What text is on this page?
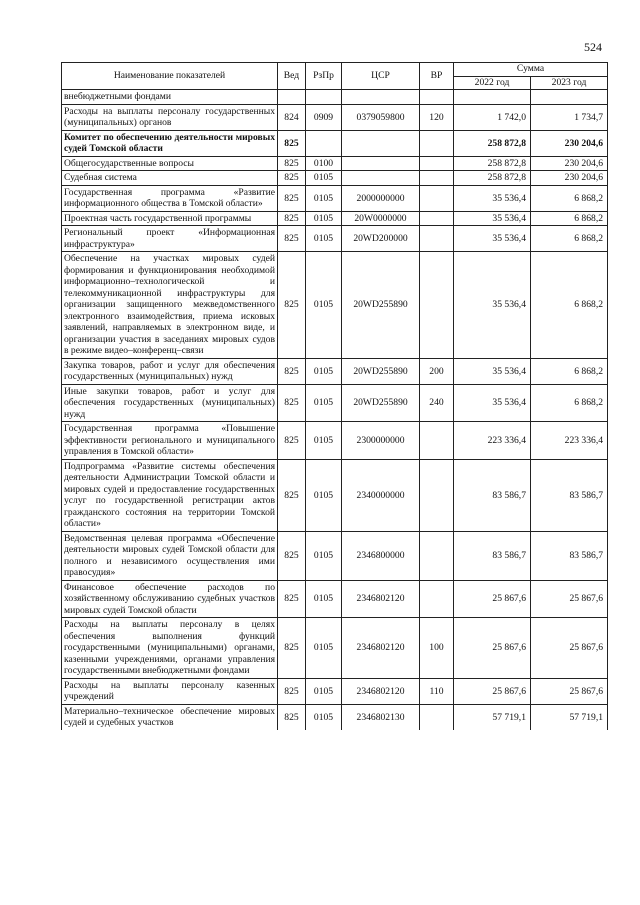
524
Наименование показателей	Вед	РзПр	ЦСР	ВР	Сумма	
					2022 год	2023 год
внебюджетными фондами						
Расходы на выплаты персоналу государственных (муниципальных) органов	824	0909	0379059800	120	1 742,0	1 734,7
Комитет по обеспечению деятельности мировых судей Томской области	825				258 872,8	230 204,6
Общегосударственные вопросы	825	0100			258 872,8	230 204,6
Судебная система	825	0105			258 872,8	230 204,6
Государственная программа «Развитие информационного общества в Томской области»	825	0105	2000000000		35 536,4	6 868,2
Проектная часть государственной программы	825	0105	20W0000000		35 536,4	6 868,2
Региональный проект «Информационная инфраструктура»	825	0105	20WD200000		35 536,4	6 868,2
Обеспечение на участках мировых судей формирования и функционирования необходимой информационно–технологической и телекоммуникационной инфраструктуры для организации защищенного межведомственного электронного взаимодействия, приема исковых заявлений, направляемых в электронном виде, и организации участия в заседаниях мировых судов в режиме видео–конференц–связи	825	0105	20WD255890		35 536,4	6 868,2
Закупка товаров, работ и услуг для обеспечения государственных (муниципальных) нужд	825	0105	20WD255890	200	35 536,4	6 868,2
Иные закупки товаров, работ и услуг для обеспечения государственных (муниципальных) нужд	825	0105	20WD255890	240	35 536,4	6 868,2
Государственная программа «Повышение эффективности регионального и муниципального управления в Томской области»	825	0105	2300000000		223 336,4	223 336,4
Подпрограмма «Развитие системы обеспечения деятельности Администрации Томской области и мировых судей и предоставление государственных услуг по государственной регистрации актов гражданского состояния на территории Томской области»	825	0105	2340000000		83 586,7	83 586,7
Ведомственная целевая программа «Обеспечение деятельности мировых судей Томской области для полного и независимого осуществления ими правосудия»	825	0105	2346800000		83 586,7	83 586,7
Финансовое обеспечение расходов по хозяйственному обслуживанию судебных участков мировых судей Томской области	825	0105	2346802120		25 867,6	25 867,6
Расходы на выплаты персоналу в целях обеспечения выполнения функций государственными (муниципальными) органами, казенными учреждениями, органами управления государственными внебюджетными фондами	825	0105	2346802120	100	25 867,6	25 867,6
Расходы на выплаты персоналу казенных учреждений	825	0105	2346802120	110	25 867,6	25 867,6
Материально–техническое обеспечение мировых судей и судебных участков	825	0105	2346802130		57 719,1	57 719,1
